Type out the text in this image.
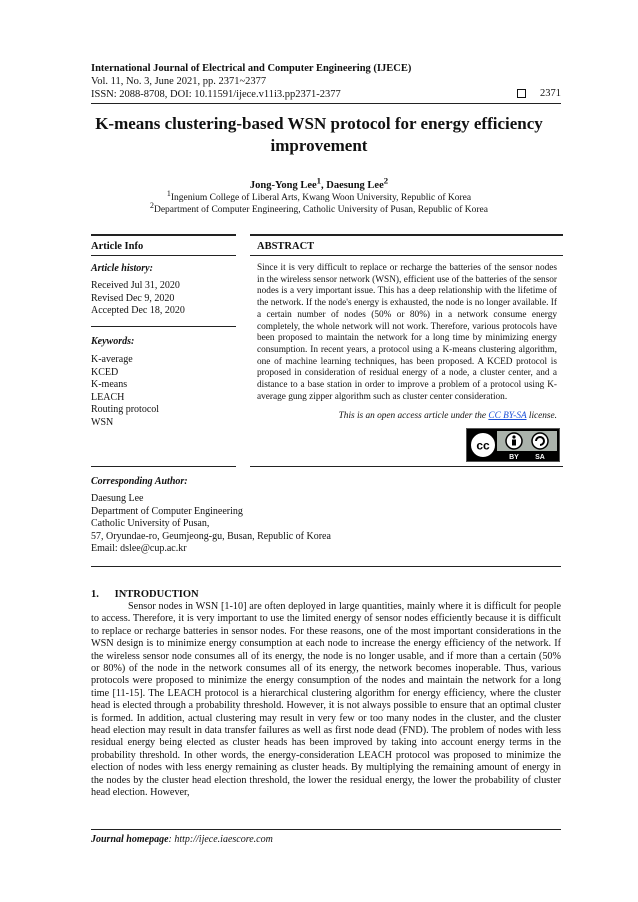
International Journal of Electrical and Computer Engineering (IJECE)
Vol. 11, No. 3, June 2021, pp. 2371~2377
ISSN: 2088-8708, DOI: 10.11591/ijece.v11i3.pp2371-2377	2371
K-means clustering-based WSN protocol for energy efficiency
improvement
Jong-Yong Lee$^1$, Daesung Lee$^2$
$^1$Ingenium College of Liberal Arts, Kwang Woon University, Republic of Korea
$^2$Department of Computer Engineering, Catholic University of Pusan, Republic of Korea
Article Info	ABSTRACT
Article history:
Received Jul 31, 2020
Revised Dec 9, 2020
Accepted Dec 18, 2020
Keywords:
K-average
KCED
K-means
LEACH
Routing protocol
WSN
Since it is very difficult to replace or recharge the batteries of the sensor nodes in the wireless sensor network (WSN), efficient use of the batteries of the sensor nodes is a very important issue. This has a deep relationship with the lifetime of the network. If the node's energy is exhausted, the node is no longer available. If a certain number of nodes (50% or 80%) in a network consume energy completely, the whole network will not work. Therefore, various protocols have been proposed to maintain the network for a long time by minimizing energy consumption. In recent years, a protocol using a K-means clustering algorithm, one of machine learning techniques, has been proposed. A KCED protocol is proposed in consideration of residual energy of a node, a cluster center, and a distance to a base station in order to improve a problem of a protocol using K-average gung zipper algorithm such as cluster center consideration.
This is an open access article under the CC BY-SA license.
cc
BY SA
Corresponding Author:
Daesung Lee
Department of Computer Engineering
Catholic University of Pusan,
57, Oryundae-ro, Geumjeong-gu, Busan, Republic of Korea
Email: dslee@cup.ac.kr
1.      INTRODUCTION
Sensor nodes in WSN [1-10] are often deployed in large quantities, mainly where it is difficult for people to access. Therefore, it is very important to use the limited energy of sensor nodes efficiently because it is difficult to replace or recharge batteries in sensor nodes. For these reasons, one of the most important considerations in the WSN design is to minimize energy consumption at each node to increase the energy efficiency of the network. If the wireless sensor node consumes all of its energy, the node is no longer usable, and if more than a certain (50% or 80%) of the node in the network consumes all of its energy, the network becomes inoperable. Thus, various protocols were proposed to minimize the energy consumption of the nodes and maintain the network for a long time [11-15]. The LEACH protocol is a hierarchical clustering algorithm for energy efficiency, where the cluster head is elected through a probability threshold. However, it is not always possible to ensure that an optimal cluster is formed. In addition, actual clustering may result in very few or too many nodes in the cluster, and the cluster head election may result in data transfer failures as well as first node dead (FND). The problem of nodes with less residual energy being elected as cluster heads has been improved by taking into account energy terms in the probability threshold. In other words, the energy-consideration LEACH protocol was proposed to minimize the election of nodes with less energy remaining as cluster heads. By multiplying the remaining amount of energy in the nodes by the cluster head election threshold, the lower the residual energy, the lower the probability of cluster head election. However,
Journal homepage: http://ijece.iaescore.com
